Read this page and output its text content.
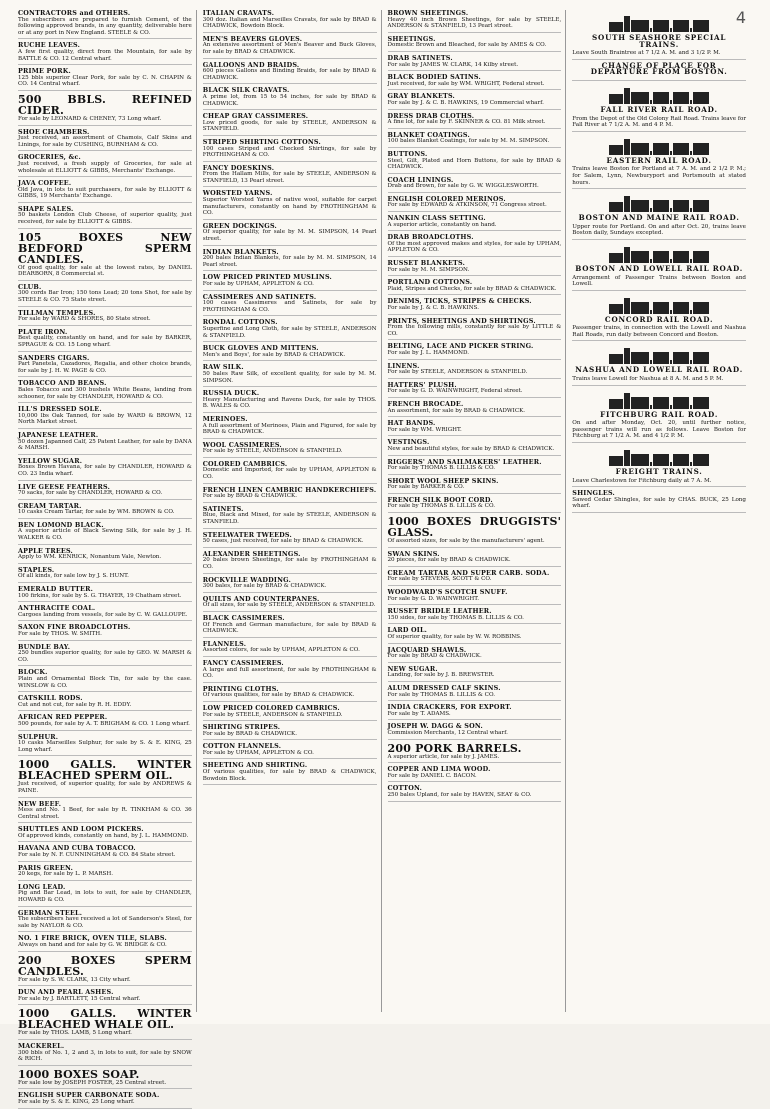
4
CONTRACTORS and OTHERS.
The subscribers are prepared to furnish Cement, of the following approved brands, in any quantity, deliverable here or at any port in New England. STEELE & CO.
RUCHE LEAVES.
A few first quality, direct from the Mountain, for sale by BATTLE & CO. 12 Central wharf.
PRIME PORK.
125 bbls superior Clear Pork, for sale by C. N. CHAPIN & CO. 14 Central wharf.
500 BBLS. REFINED CIDER.
For sale by LEONARD & CHENEY, 73 Long wharf.
SHOE CHAMBERS.
Just received, an assortment of Chamois, Calf Skins and Linings, for sale by CUSHING, BURNHAM & CO.
GROCERIES, &c.
Just received, a fresh supply of Groceries, for sale at wholesale at ELLIOTT & GIBBS, Merchants' Exchange.
JAVA COFFEE.
Old Java, in lots to suit purchasers, for sale by ELLIOTT & GIBBS, 19 Merchants' Exchange.
SHAPE SALES.
50 baskets London Club Cheese, of superior quality, just received, for sale by ELLIOTT & GIBBS.
105 BOXES NEW BEDFORD SPERM CANDLES.
Of good quality, for sale at the lowest rates, by DANIEL DEARBORN, 8 Commercial st.
CLUB.
300 cords Bar Iron; 150 tons Lead; 20 tons Shot, for sale by STEELE & CO. 75 State street.
TILLMAN TEMPLES.
For sale by WARD & SHORES, 80 State street.
PLATE IRON.
Best quality, constantly on hand, and for sale by BARKER, SPRAGUE & CO. 15 Long wharf.
SANDERS CIGARS.
Part Panetela, Cazadores, Regalia, and other choice brands, for sale by J. H. W. PAGE & CO.
TOBACCO AND BEANS.
Bales Tobacco and 300 bushels White Beans, landing from schooner, for sale by CHANDLER, HOWARD & CO.
ILL'S DRESSED SOLE.
10,000 lbs Oak Tanned, for sale by WARD & BROWN, 12 North Market street.
JAPANESE LEATHER.
50 dozen Japanned Calf, 25 Patent Leather, for sale by DANA & MARSH.
YELLOW SUGAR.
Boxes Brown Havana, for sale by CHANDLER, HOWARD & CO. 23 India wharf.
LIVE GEESE FEATHERS.
70 sacks, for sale by CHANDLER, HOWARD & CO.
CREAM TARTAR.
10 casks Cream Tartar, for sale by WM. BROWN & CO.
BEN LOMOND BLACK.
A superior article of Black Sewing Silk, for sale by J. H. WALKER & CO.
APPLE TREES.
Apply to WM. KENRICK, Nonantum Vale, Newton.
STAPLES.
Of all kinds, for sale low by J. S. HUNT.
EMERALD BUTTER.
100 firkins, for sale by S. G. THAYER, 19 Chatham street.
ANTHRACITE COAL.
Cargoes landing from vessels, for sale by C. W. GALLOUPE.
SAXON FINE BROADCLOTHS.
For sale by THOS. W. SMITH.
BUNDLE BAY.
250 bundles superior quality, for sale by GEO. W. MARSH & CO.
BLOCK.
Plain and Ornamental Block Tin, for sale by the case. WINSLOW & CO.
CATSKILL RODS.
Cut and not cut, for sale by R. H. EDDY.
AFRICAN RED PEPPER.
500 pounds, for sale by A. T. BRIGHAM & CO. 1 Long wharf.
SULPHUR.
10 casks Marseilles Sulphur, for sale by S. & E. KING, 25 Long wharf.
1000 GALLS. WINTER BLEACHED SPERM OIL.
Just received, of superior quality, for sale by ANDREWS & PAINE.
NEW BEEF.
Mess and No. 1 Beef, for sale by R. TINKHAM & CO. 36 Central street.
SHUTTLES AND LOOM PICKERS.
Of approved kinds, constantly on hand, by J. L. HAMMOND.
HAVANA AND CUBA TOBACCO.
For sale by N. F. CUNNINGHAM & CO. 84 State street.
PARIS GREEN.
20 kegs, for sale by L. P. MARSH.
LONG LEAD.
Pig and Bar Lead, in lots to suit, for sale by CHANDLER, HOWARD & CO.
GERMAN STEEL.
The subscribers have received a lot of Sanderson's Steel, for sale by NAYLOR & CO.
NO. 1 FIRE BRICK, OVEN TILE, SLABS.
Always on hand and for sale by G. W. BRIDGE & CO.
200 BOXES SPERM CANDLES.
For sale by S. W. CLARK, 13 City wharf.
DUN AND PEARL ASHES.
For sale by J. BARTLETT, 15 Central wharf.
1000 GALLS. WINTER BLEACHED WHALE OIL.
For sale by THOS. LAMB, 5 Long wharf.
MACKEREL.
300 bbls of No. 1, 2 and 3, in lots to suit, for sale by SNOW & RICH.
1000 BOXES SOAP.
For sale low by JOSEPH FOSTER, 25 Central street.
ENGLISH SUPER CARBONATE SODA.
For sale by S. & E. KING, 25 Long wharf.
ITALIAN CRAVATS.
300 doz. Italian and Marseilles Cravats, for sale by BRAD & CHADWICK, Bowdoin Block.
MEN'S BEAVERS GLOVES.
An extensive assortment of Men's Beaver and Buck Gloves, for sale by BRAD & CHADWICK.
GALLOONS AND BRAIDS.
600 pieces Gallons and Binding Braids, for sale by BRAD & CHADWICK.
BLACK SILK CRAVATS.
A prime lot, from 15 to 54 inches, for sale by BRAD & CHADWICK.
CHEAP GRAY CASSIMERES.
Low priced goods, for sale by STEELE, ANDERSON & STANFIELD.
STRIPED SHIRTING COTTONS.
100 cases Striped and Checked Shirtings, for sale by FROTHINGHAM & CO.
FANCY DOESKINS.
From the Hallam Mills, for sale by STEELE, ANDERSON & STANFIELD, 13 Pearl street.
WORSTED YARNS.
Superior Worsted Yarns of native wool, suitable for carpet manufacturers, constantly on hand by FROTHINGHAM & CO.
GREEN DOCKINGS.
Of superior quality, for sale by M. M. SIMPSON, 14 Pearl street.
INDIAN BLANKETS.
200 bales Indian Blankets, for sale by M. M. SIMPSON, 14 Pearl street.
LOW PRICED PRINTED MUSLINS.
For sale by UPHAM, APPLETON & CO.
CASSIMERES AND SATINETS.
100 cases Cassimeres and Satinets, for sale by FROTHINGHAM & CO.
RONDAL COTTONS.
Superfine and Long Cloth, for sale by STEELE, ANDERSON & STANFIELD.
BUCK GLOVES AND MITTENS.
Men's and Boys', for sale by BRAD & CHADWICK.
RAW SILK.
50 bales Raw Silk, of excellent quality, for sale by M. M. SIMPSON.
RUSSIA DUCK.
Heavy Manufacturing and Ravens Duck, for sale by THOS. B. WALES & CO.
MERINOES.
A full assortment of Merinoes, Plain and Figured, for sale by BRAD & CHADWICK.
WOOL CASSIMERES.
For sale by STEELE, ANDERSON & STANFIELD.
COLORED CAMBRICS.
Domestic and Imported, for sale by UPHAM, APPLETON & CO.
FRENCH LINEN CAMBRIC HANDKERCHIEFS.
For sale by BRAD & CHADWICK.
SATINETS.
Blue, Black and Mixed, for sale by STEELE, ANDERSON & STANFIELD.
STEELWATER TWEEDS.
50 cases, just received, for sale by BRAD & CHADWICK.
ALEXANDER SHEETINGS.
20 bales brown Sheetings, for sale by FROTHINGHAM & CO.
ROCKVILLE WADDING.
300 bales, for sale by BRAD & CHADWICK.
QUILTS AND COUNTERPANES.
Of all sizes, for sale by STEELE, ANDERSON & STANFIELD.
BLACK CASSIMERES.
Of French and German manufacture, for sale by BRAD & CHADWICK.
FLANNELS.
Assorted colors, for sale by UPHAM, APPLETON & CO.
FANCY CASSIMERES.
A large and full assortment, for sale by FROTHINGHAM & CO.
PRINTING CLOTHS.
Of various qualities, for sale by BRAD & CHADWICK.
LOW PRICED COLORED CAMBRICS.
For sale by STEELE, ANDERSON & STANFIELD.
SHIRTING STRIPES.
For sale by BRAD & CHADWICK.
COTTON FLANNELS.
For sale by UPHAM, APPLETON & CO.
SHEETING AND SHIRTING.
Of various qualities, for sale by BRAD & CHADWICK, Bowdoin Block.
BROWN SHEETINGS.
Heavy 40 inch Brown Sheetings, for sale by STEELE, ANDERSON & STANFIELD, 13 Pearl street.
SHEETINGS.
Domestic Brown and Bleached, for sale by AMES & CO.
DRAB SATINETS.
For sale by JAMES W. CLARK, 14 Kilby street.
BLACK BODIED SATINS.
Just received, for sale by WM. WRIGHT, Federal street.
GRAY BLANKETS.
For sale by J. & C. B. HAWKINS, 19 Commercial wharf.
DRESS DRAB CLOTHS.
A fine lot, for sale by F. SKINNER & CO. 81 Milk street.
BLANKET COATINGS.
100 bales Blanket Coatings, for sale by M. M. SIMPSON.
BUTTONS.
Steel, Gilt, Plated and Horn Buttons, for sale by BRAD & CHADWICK.
COACH LININGS.
Drab and Brown, for sale by G. W. WIGGLESWORTH.
ENGLISH COLORED MERINOS.
For sale by EDWARD & ATKINSON, 71 Congress street.
NANKIN CLASS SETTING.
A superior article, constantly on hand.
DRAB BROADCLOTHS.
Of the most approved makes and styles, for sale by UPHAM, APPLETON & CO.
RUSSET BLANKETS.
For sale by M. M. SIMPSON.
PORTLAND COTTONS.
Plaid, Stripes and Checks, for sale by BRAD & CHADWICK.
DENIMS, TICKS, STRIPES & CHECKS.
For sale by J. & C. B. HAWKINS.
PRINTS, SHEETINGS AND SHIRTINGS.
From the following mills, constantly for sale by LITTLE & CO.
BELTING, LACE AND PICKER STRING.
For sale by J. L. HAMMOND.
LINENS.
For sale by STEELE, ANDERSON & STANFIELD.
HATTERS' PLUSH.
For sale by G. D. WAINWRIGHT, Federal street.
FRENCH BROCADE.
An assortment, for sale by BRAD & CHADWICK.
HAT BANDS.
For sale by WM. WRIGHT.
VESTINGS.
New and beautiful styles, for sale by BRAD & CHADWICK.
RIGGERS' AND SAILMAKERS' LEATHER.
For sale by THOMAS B. LILLIS & CO.
SHORT WOOL SHEEP SKINS.
For sale by BARKER & CO.
FRENCH SILK BOOT CORD.
For sale by THOMAS B. LILLIS & CO.
1000 BOXES DRUGGISTS' GLASS.
Of assorted sizes, for sale by the manufacturers' agent.
SWAN SKINS.
20 pieces, for sale by BRAD & CHADWICK.
CREAM TARTAR AND SUPER CARB. SODA.
For sale by STEVENS, SCOTT & CO.
WOODWARD'S SCOTCH SNUFF.
For sale by G. D. WAINWRIGHT.
RUSSET BRIDLE LEATHER.
150 sides, for sale by THOMAS B. LILLIS & CO.
LARD OIL.
Of superior quality, for sale by W. W. ROBBINS.
JACQUARD SHAWLS.
For sale by BRAD & CHADWICK.
NEW SUGAR.
Landing, for sale by J. B. BREWSTER.
ALUM DRESSED CALF SKINS.
For sale by THOMAS B. LILLIS & CO.
INDIA CRACKERS, FOR EXPORT.
For sale by T. ADAMS.
JOSEPH W. DAGG & SON.
Commission Merchants, 12 Central wharf.
200 PORK BARRELS.
A superior article, for sale by J. JAMES.
COPPER AND LIMA WOOD.
For sale by DANIEL C. BACON.
COTTON.
250 bales Upland, for sale by HAVEN, SEAY & CO.
SOUTH SEASHORE SPECIAL TRAINS.
Leave South Braintree at 7 1/2 A. M. and 3 1/2 P. M.
CHANGE OF PLACE FOR DEPARTURE FROM BOSTON.
FALL RIVER RAIL ROAD.
From the Depot of the Old Colony Rail Road. Trains leave for Fall River at 7 1/2 A. M. and 4 P. M.
EASTERN RAIL ROAD.
Trains leave Boston for Portland at 7 A. M. and 2 1/2 P. M.; for Salem, Lynn, Newburyport and Portsmouth at stated hours.
BOSTON AND MAINE RAIL ROAD.
Upper route for Portland. On and after Oct. 20, trains leave Boston daily, Sundays excepted.
BOSTON AND LOWELL RAIL ROAD.
Arrangement of Passenger Trains between Boston and Lowell.
CONCORD RAIL ROAD.
Passenger trains, in connection with the Lowell and Nashua Rail Roads, run daily between Concord and Boston.
NASHUA AND LOWELL RAIL ROAD.
Trains leave Lowell for Nashua at 8 A. M. and 5 P. M.
FITCHBURG RAIL ROAD.
On and after Monday, Oct. 20, until further notice, passenger trains will run as follows. Leave Boston for Fitchburg at 7 1/2 A. M. and 4 1/2 P. M.
FREIGHT TRAINS.
Leave Charlestown for Fitchburg daily at 7 A. M.
SHINGLES.
Sawed Cedar Shingles, for sale by CHAS. BUCK, 25 Long wharf.
